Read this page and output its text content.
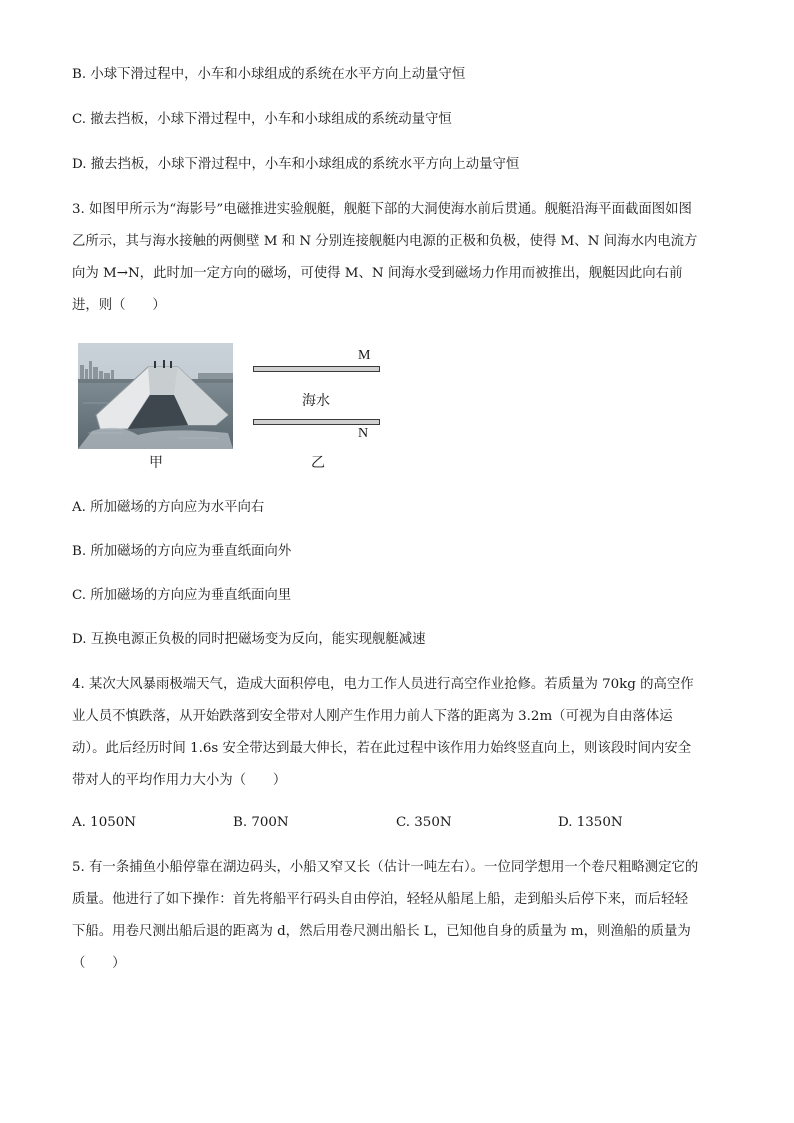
B. 小球下滑过程中，小车和小球组成的系统在水平方向上动量守恒
C. 撤去挡板，小球下滑过程中，小车和小球组成的系统动量守恒
D. 撤去挡板，小球下滑过程中，小车和小球组成的系统水平方向上动量守恒
3. 如图甲所示为“海影号”电磁推进实验舰艇，舰艇下部的大洞使海水前后贯通。舰艇沿海平面截面图如图
乙所示，其与海水接触的两侧壁 M 和 N 分别连接舰艇内电源的正极和负极，使得 M、N 间海水内电流方
向为 M→N，此时加一定方向的磁场，可使得 M、N 间海水受到磁场力作用而被推出，舰艇因此向右前
进，则（　　）
甲
M
N
海水
乙
A. 所加磁场的方向应为水平向右
B. 所加磁场的方向应为垂直纸面向外
C. 所加磁场的方向应为垂直纸面向里
D. 互换电源正负极的同时把磁场变为反向，能实现舰艇减速
4. 某次大风暴雨极端天气，造成大面积停电，电力工作人员进行高空作业抢修。若质量为 70kg 的高空作
业人员不慎跌落，从开始跌落到安全带对人刚产生作用力前人下落的距离为 3.2m（可视为自由落体运
动）。此后经历时间 1.6s 安全带达到最大伸长，若在此过程中该作用力始终竖直向上，则该段时间内安全
带对人的平均作用力大小为（　　）
A. 1050N	B. 700N	C. 350N	D. 1350N
5. 有一条捕鱼小船停靠在湖边码头，小船又窄又长（估计一吨左右）。一位同学想用一个卷尺粗略测定它的
质量。他进行了如下操作：首先将船平行码头自由停泊，轻轻从船尾上船，走到船头后停下来，而后轻轻
下船。用卷尺测出船后退的距离为 d，然后用卷尺测出船长 L，已知他自身的质量为 m，则渔船的质量为
（　　）
